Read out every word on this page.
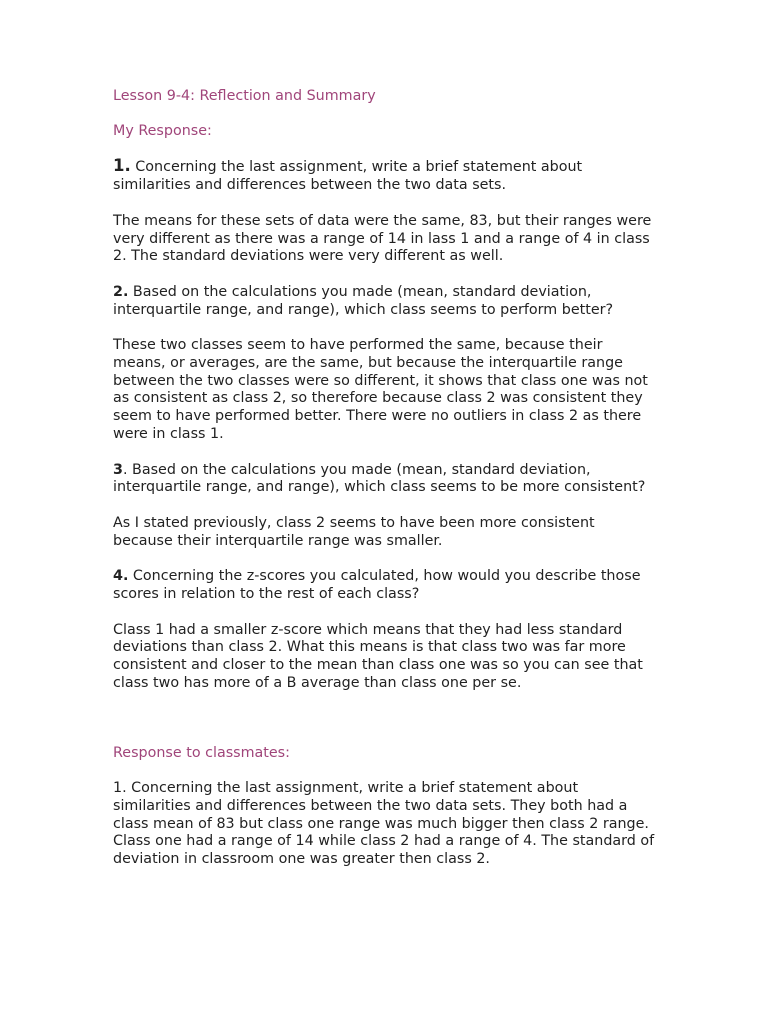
Lesson 9-4: Reflection and Summary

My Response:

1. Concerning the last assignment, write a brief statement about similarities and differences between the two data sets.

The means for these sets of data were the same, 83, but their ranges were very different as there was a range of 14 in lass 1 and a range of 4 in class 2. The standard deviations were very different as well.

2. Based on the calculations you made (mean, standard deviation, interquartile range, and range), which class seems to perform better?

These two classes seem to have performed the same, because their means, or averages, are the same, but because the interquartile range between the two classes were so different, it shows that class one was not as consistent as class 2, so therefore because class 2 was consistent they seem to have performed better. There were no outliers in class 2 as there were in class 1.

3. Based on the calculations you made (mean, standard deviation, interquartile range, and range), which class seems to be more consistent?

As I stated previously, class 2 seems to have been more consistent because their interquartile range was smaller.

4. Concerning the z-scores you calculated, how would you describe those scores in relation to the rest of each class?

Class 1 had a smaller z-score which means that they had less standard deviations than class 2. What this means is that class two was far more consistent and closer to the mean than class one was so you can see that class two has more of a B average than class one per se.

Response to classmates:

1. Concerning the last assignment, write a brief statement about similarities and differences between the two data sets. They both had a class mean of 83 but class one range was much bigger then class 2 range. Class one had a range of 14 while class 2 had a range of 4. The standard of deviation in classroom one was greater then class 2.
